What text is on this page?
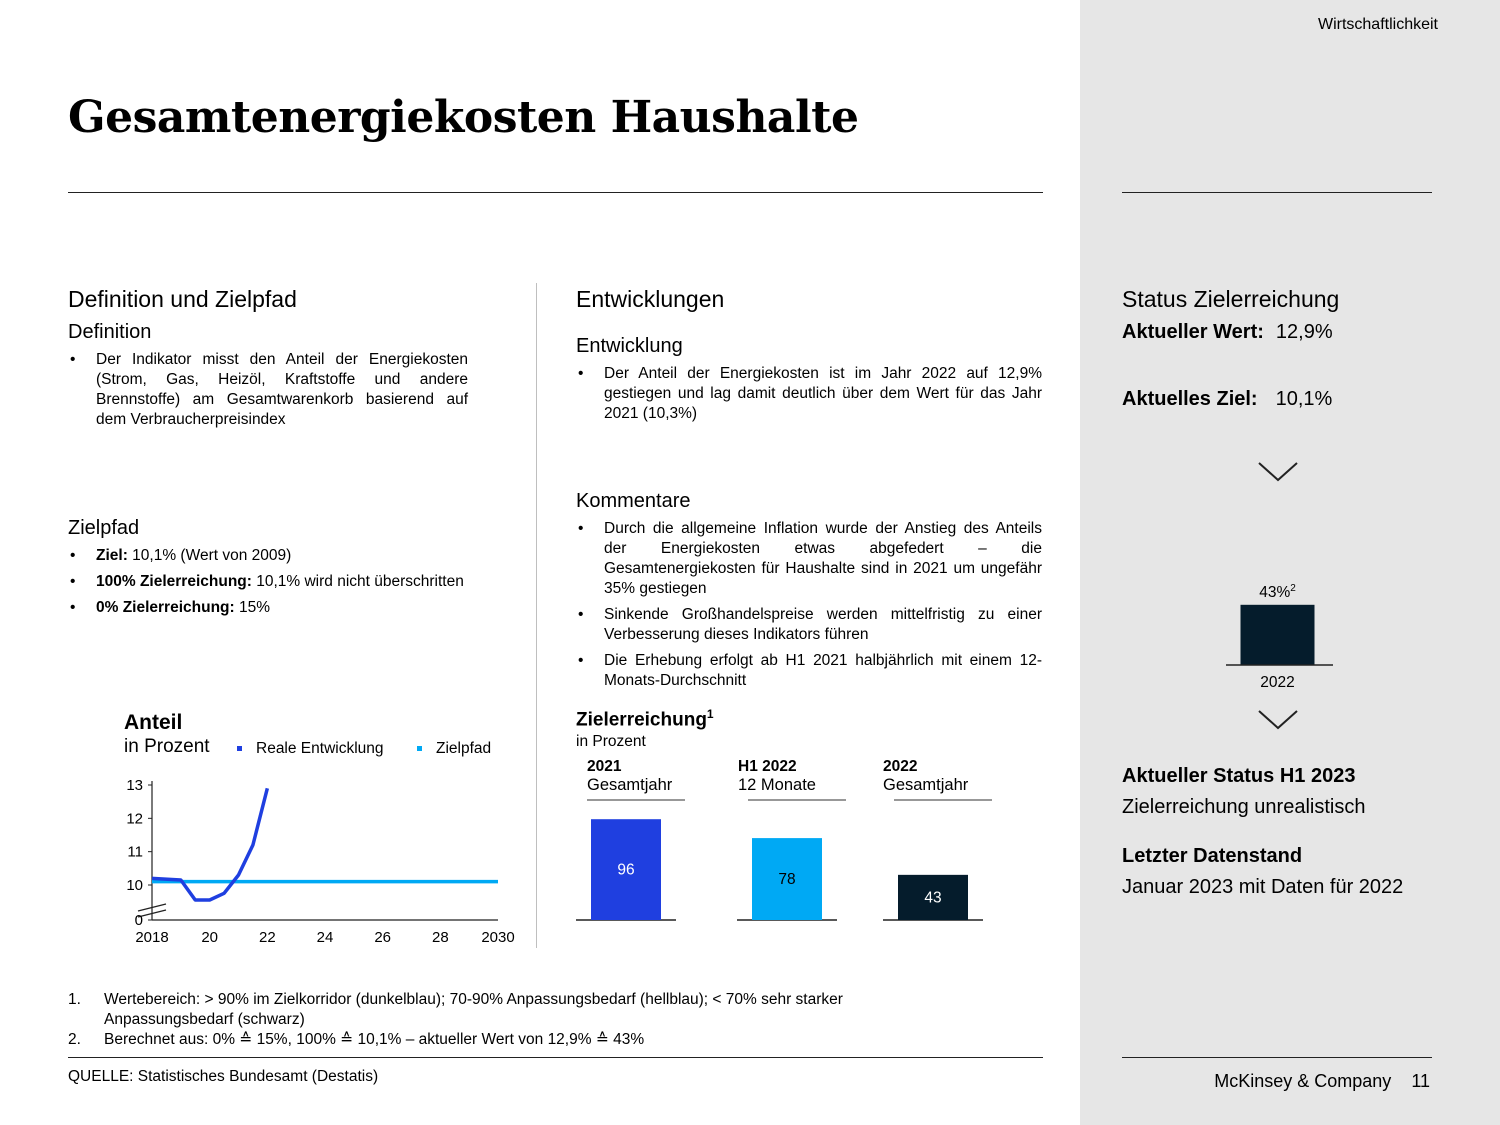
Wirtschaftlichkeit
Gesamtenergiekosten Haushalte
Definition und Zielpfad
Definition
• Der Indikator misst den Anteil der Energiekosten (Strom, Gas, Heizöl, Kraftstoffe und andere Brennstoffe) am Gesamtwarenkorb basierend auf dem Verbraucherpreisindex
Zielpfad
• Ziel: 10,1% (Wert von 2009)
• 100% Zielerreichung: 10,1% wird nicht überschritten
• 0% Zielerreichung: 15%
Anteil
in Prozent	Reale Entwicklung	Zielpfad
0
10
11
12
13
2018 20	22	24	26	28 2030
Entwicklungen
Entwicklung
• Der Anteil der Energiekosten ist im Jahr 2022 auf 12,9% gestiegen und lag damit deutlich über dem Wert für das Jahr 2021 (10,3%)
Kommentare
• Durch die allgemeine Inflation wurde der Anstieg des Anteils der Energiekosten etwas abgefedert – die Gesamtenergiekosten für Haushalte sind in 2021 um ungefähr 35% gestiegen
• Sinkende Großhandelspreise werden mittelfristig zu einer Verbesserung dieses Indikators führen
• Die Erhebung erfolgt ab H1 2021 halbjährlich mit einem 12-Monats-Durchschnitt
Zielerreichung$^1$
in Prozent
2021
Gesamtjahr
H1 2022
12 Monate
2022
Gesamtjahr
96
78
43
Status Zielerreichung
Aktueller Wert: 12,9%
Aktuelles Ziel: 10,1%
43%$^2$
2022
Aktueller Status H1 2023
Zielerreichung unrealistisch
Letzter Datenstand
Januar 2023 mit Daten für 2022
1.	Wertebereich: > 90% im Zielkorridor (dunkelblau); 70-90% Anpassungsbedarf (hellblau); < 70% sehr starker Anpassungsbedarf (schwarz)
2.	Berechnet aus: 0% ≙ 15%, 100% ≙ 10,1% – aktueller Wert von 12,9% ≙ 43%
QUELLE: Statistisches Bundesamt (Destatis)	McKinsey & Company 11
